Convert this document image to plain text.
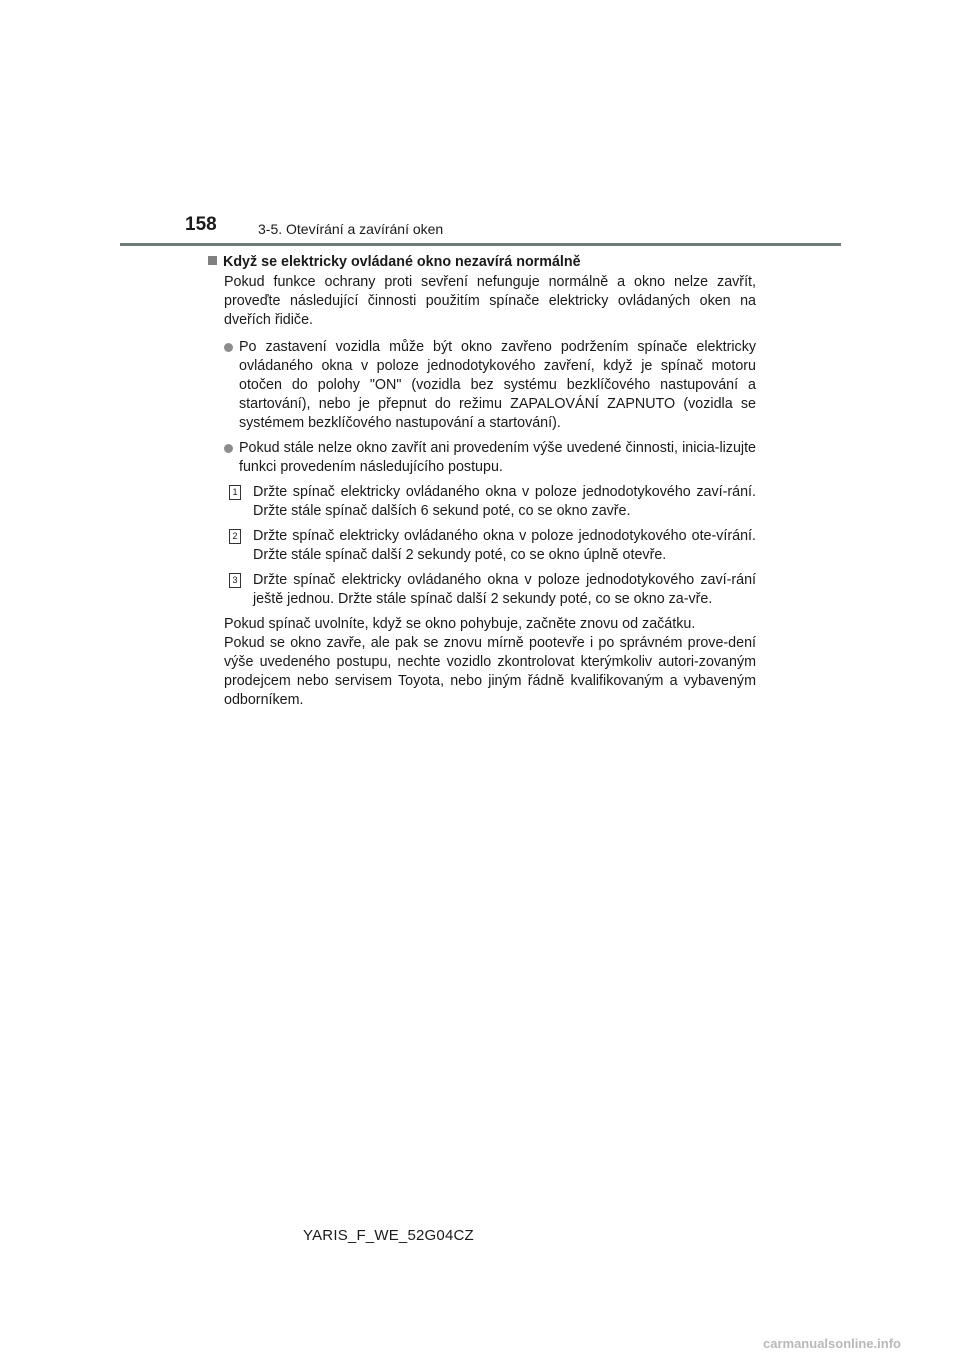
158	3-5. Otevírání a zavírání oken
Když se elektricky ovládané okno nezavírá normálně
Pokud funkce ochrany proti sevření nefunguje normálně a okno nelze zavřít, proveďte následující činnosti použitím spínače elektricky ovládaných oken na dveřích řidiče.
Po zastavení vozidla může být okno zavřeno podržením spínače elektricky ovládaného okna v poloze jednodotykového zavření, když je spínač motoru otočen do polohy "ON" (vozidla bez systému bezklíčového nastupování a startování), nebo je přepnut do režimu ZAPALOVÁNÍ ZAPNUTO (vozidla se systémem bezklíčového nastupování a startování).
Pokud stále nelze okno zavřít ani provedením výše uvedené činnosti, inicia-lizujte funkci provedením následujícího postupu.
1 Držte spínač elektricky ovládaného okna v poloze jednodotykového zaví-rání. Držte stále spínač dalších 6 sekund poté, co se okno zavře.
2 Držte spínač elektricky ovládaného okna v poloze jednodotykového ote-vírání. Držte stále spínač další 2 sekundy poté, co se okno úplně otevře.
3 Držte spínač elektricky ovládaného okna v poloze jednodotykového zaví-rání ještě jednou. Držte stále spínač další 2 sekundy poté, co se okno za-vře.
Pokud spínač uvolníte, když se okno pohybuje, začněte znovu od začátku.
Pokud se okno zavře, ale pak se znovu mírně pootevře i po správném prove-dení výše uvedeného postupu, nechte vozidlo zkontrolovat kterýmkoliv autori-zovaným prodejcem nebo servisem Toyota, nebo jiným řádně kvalifikovaným a vybaveným odborníkem.
YARIS_F_WE_52G04CZ
carmanualsonline.info
